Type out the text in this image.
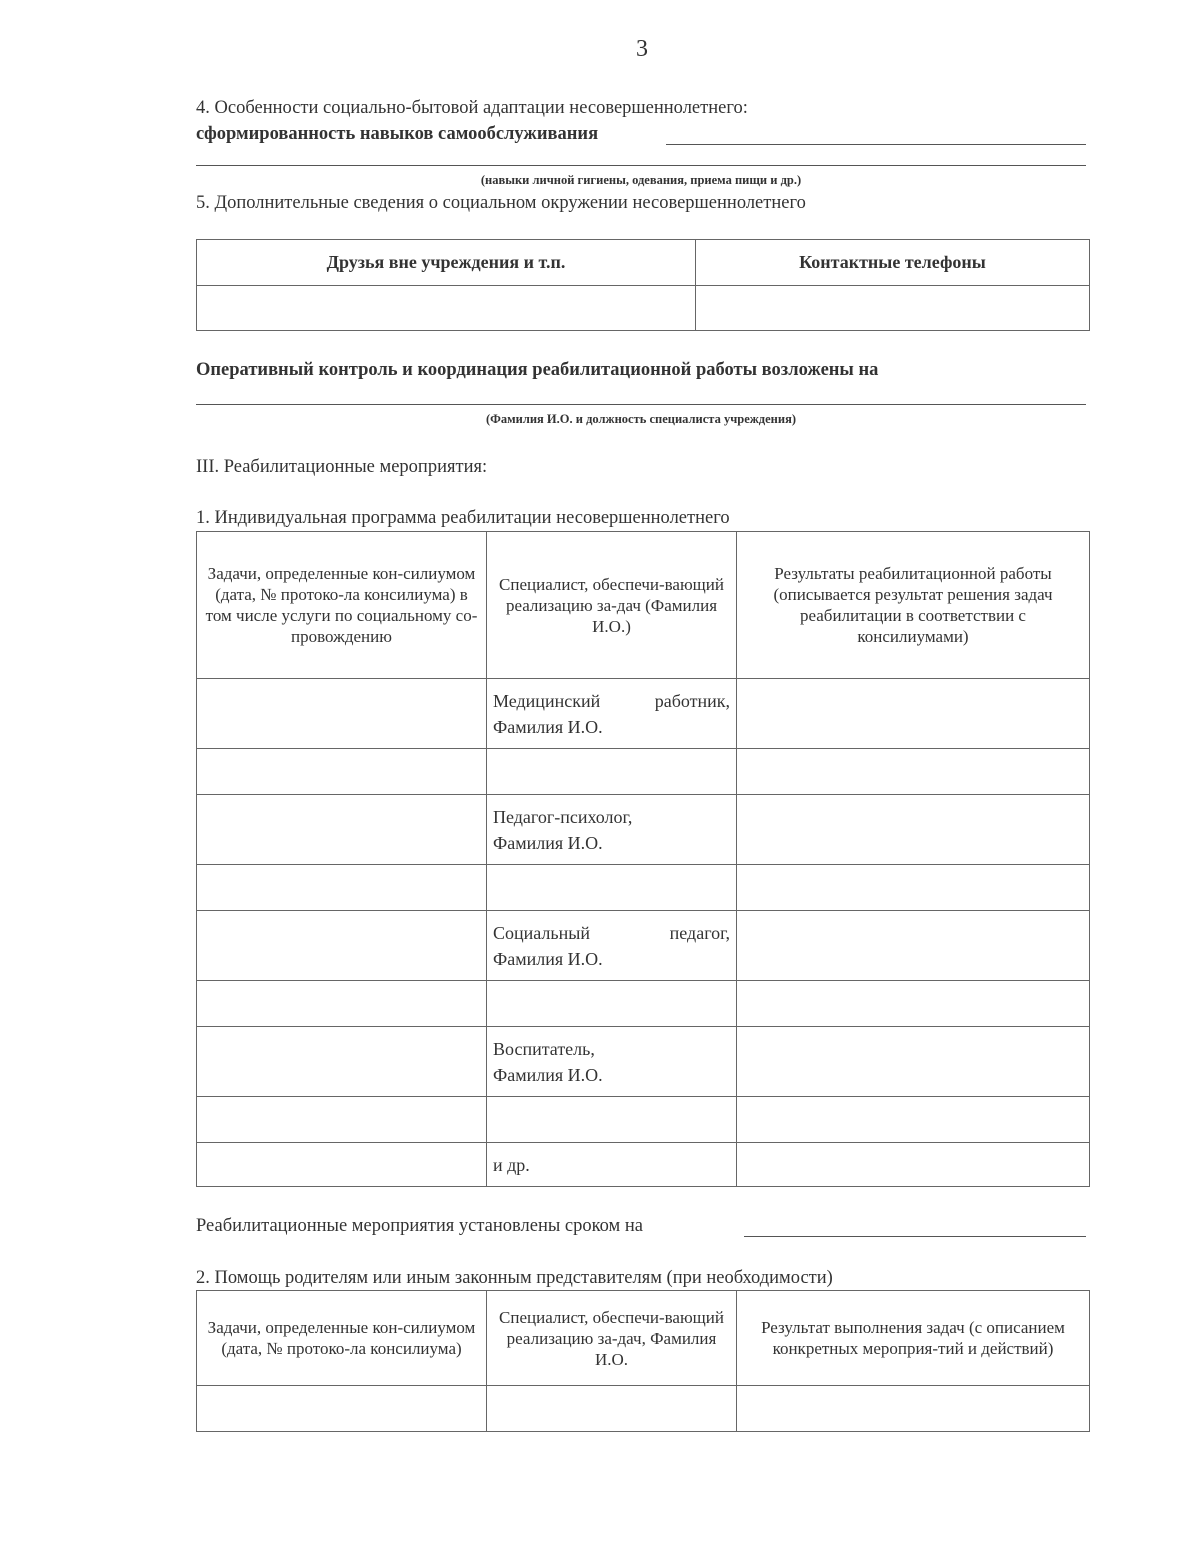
3
4. Особенности социально-бытовой адаптации несовершеннолетнего:
сформированность навыков самообслуживания
(навыки личной гигиены, одевания, приема пищи и др.)
5. Дополнительные сведения о социальном окружении несовершеннолетнего
Друзья вне учреждения и т.п.	Контактные телефоны

Оперативный контроль и координация реабилитационной работы возложены на
(Фамилия И.О. и должность специалиста учреждения)
III. Реабилитационные мероприятия:
1. Индивидуальная программа реабилитации несовершеннолетнего
Задачи, определенные кон-силиумом (дата, № протоко-ла консилиума) в том числе услуги по социальному со-провождению	Специалист, обеспечи-вающий реализацию за-дач (Фамилия И.О.)	Результаты реабилитационной работы (описывается результат решения задач реабилитации в соответствии с консилиумами)
	Медицинский работник,
Фамилия И.О.	

	Педагог-психолог,
Фамилия И.О.	

	Социальный педагог,
Фамилия И.О.	

	Воспитатель,
Фамилия И.О.	

	и др.	
Реабилитационные мероприятия установлены сроком на
2. Помощь родителям или иным законным представителям (при необходимости)
Задачи, определенные кон-силиумом (дата, № протоко-ла консилиума)	Специалист, обеспечи-вающий реализацию за-дач, Фамилия И.О.	Результат выполнения задач (с описанием конкретных мероприя-тий и действий)
